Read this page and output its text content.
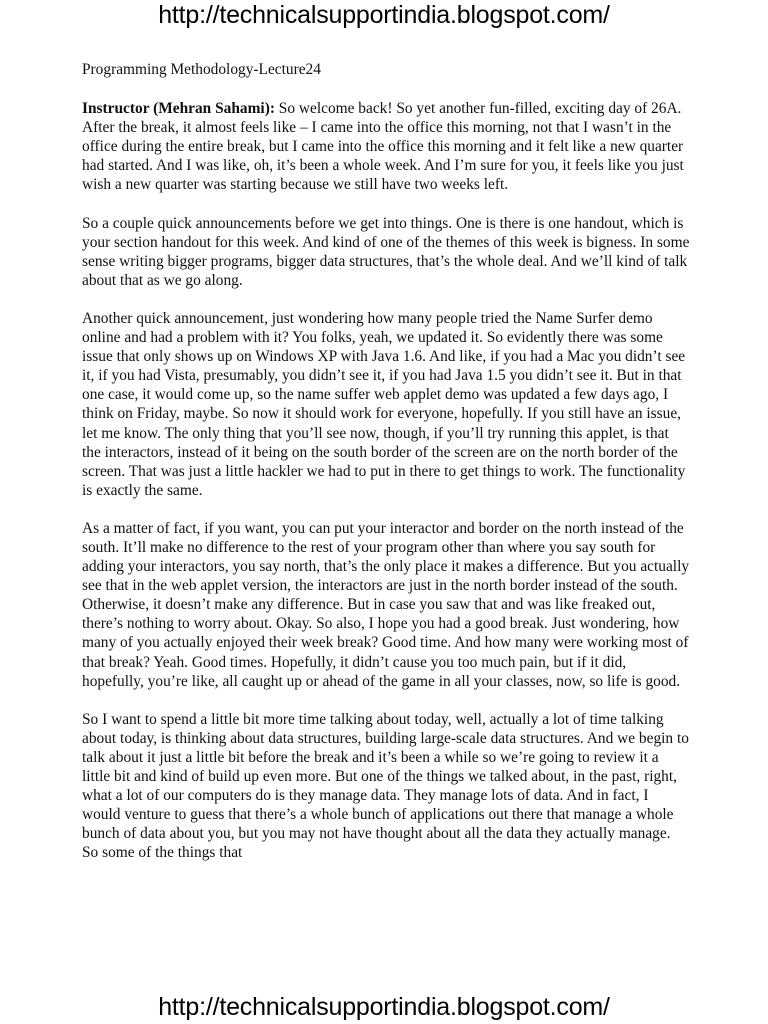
http://technicalsupportindia.blogspot.com/

Programming Methodology-Lecture24

Instructor (Mehran Sahami): So welcome back! So yet another fun-filled, exciting day of 26A. After the break, it almost feels like – I came into the office this morning, not that I wasn’t in the office during the entire break, but I came into the office this morning and it felt like a new quarter had started. And I was like, oh, it’s been a whole week. And I’m sure for you, it feels like you just wish a new quarter was starting because we still have two weeks left.

So a couple quick announcements before we get into things. One is there is one handout, which is your section handout for this week. And kind of one of the themes of this week is bigness. In some sense writing bigger programs, bigger data structures, that’s the whole deal. And we’ll kind of talk about that as we go along.

Another quick announcement, just wondering how many people tried the Name Surfer demo online and had a problem with it? You folks, yeah, we updated it. So evidently there was some issue that only shows up on Windows XP with Java 1.6. And like, if you had a Mac you didn’t see it, if you had Vista, presumably, you didn’t see it, if you had Java 1.5 you didn’t see it. But in that one case, it would come up, so the name suffer web applet demo was updated a few days ago, I think on Friday, maybe. So now it should work for everyone, hopefully. If you still have an issue, let me know. The only thing that you’ll see now, though, if you’ll try running this applet, is that the interactors, instead of it being on the south border of the screen are on the north border of the screen. That was just a little hackler we had to put in there to get things to work. The functionality is exactly the same.

As a matter of fact, if you want, you can put your interactor and border on the north instead of the south. It’ll make no difference to the rest of your program other than where you say south for adding your interactors, you say north, that’s the only place it makes a difference. But you actually see that in the web applet version, the interactors are just in the north border instead of the south. Otherwise, it doesn’t make any difference. But in case you saw that and was like freaked out, there’s nothing to worry about. Okay. So also, I hope you had a good break. Just wondering, how many of you actually enjoyed their week break? Good time. And how many were working most of that break? Yeah. Good times. Hopefully, it didn’t cause you too much pain, but if it did, hopefully, you’re like, all caught up or ahead of the game in all your classes, now, so life is good.

So I want to spend a little bit more time talking about today, well, actually a lot of time talking about today, is thinking about data structures, building large-scale data structures. And we begin to talk about it just a little bit before the break and it’s been a while so we’re going to review it a little bit and kind of build up even more. But one of the things we talked about, in the past, right, what a lot of our computers do is they manage data. They manage lots of data. And in fact, I would venture to guess that there’s a whole bunch of applications out there that manage a whole bunch of data about you, but you may not have thought about all the data they actually manage. So some of the things that

http://technicalsupportindia.blogspot.com/
